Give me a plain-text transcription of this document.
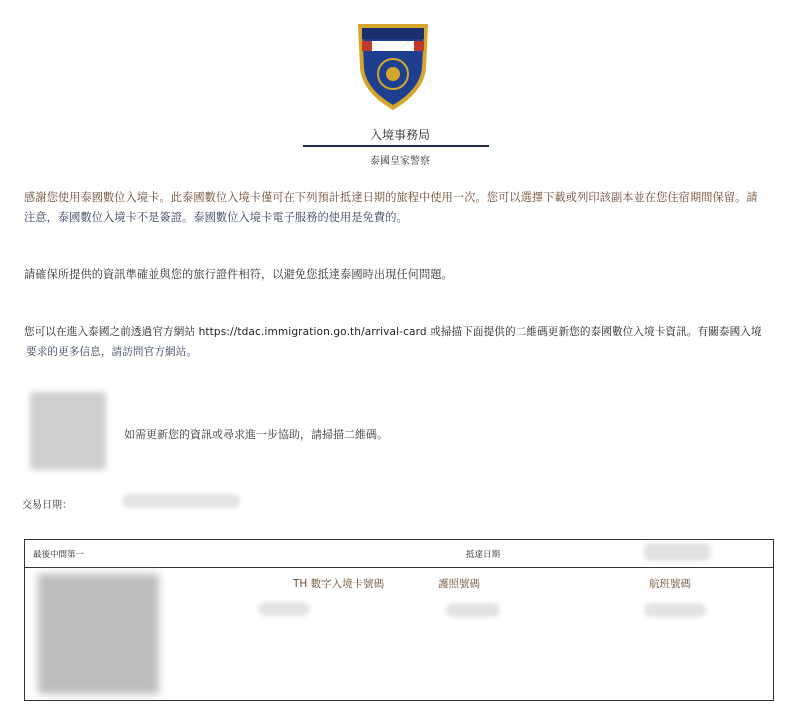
入境事務局
泰國皇家警察
感謝您使用泰國數位入境卡。此泰國數位入境卡僅可在下列預計抵達日期的旅程中使用一次。您可以選擇下載或列印該副本並在您住宿期間保留。請
注意，泰國數位入境卡不是簽證。泰國數位入境卡電子服務的使用是免費的。
請確保所提供的資訊準確並與您的旅行證件相符，以避免您抵達泰國時出現任何問題。
您可以在進入泰國之前透過官方網站 https://tdac.immigration.go.th/arrival-card 或掃描下面提供的二維碼更新您的泰國數位入境卡資訊。有關泰國入境
要求的更多信息，請訪問官方網站。
如需更新您的資訊或尋求進一步協助，請掃描二維碼。
交易日期：
最後中間第一	抵達日期
TH 數字入境卡號碼	護照號碼	航班號碼
